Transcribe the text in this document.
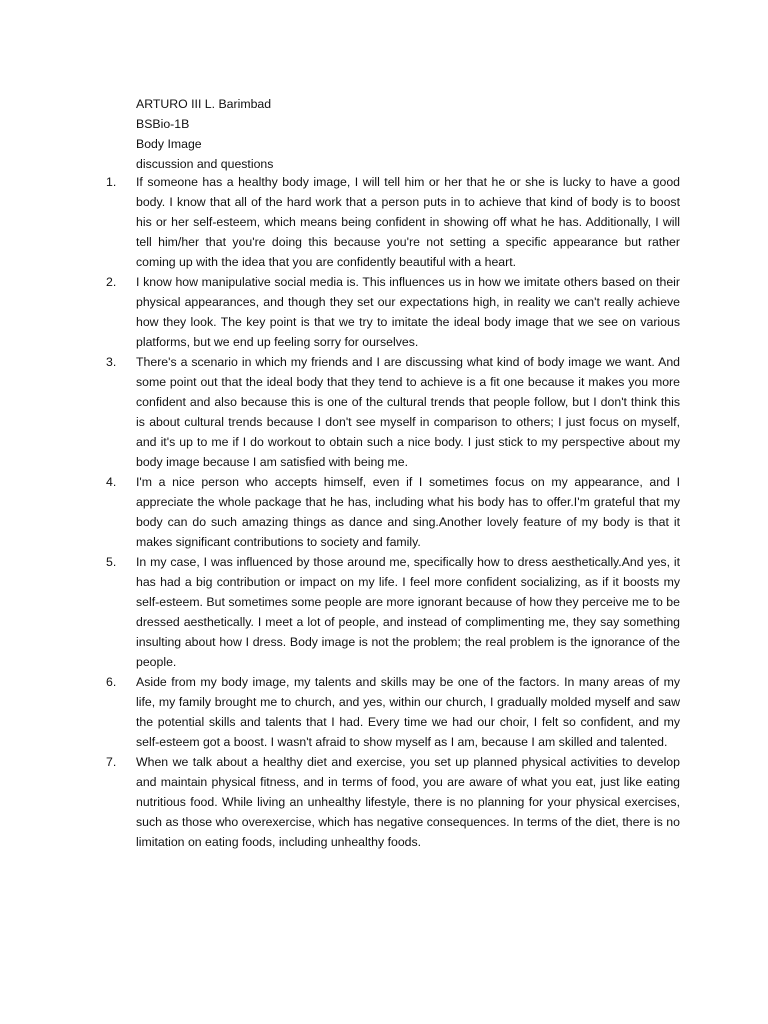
ARTURO III L. Barimbad
BSBio-1B
Body Image
discussion and questions
1.	If someone has a healthy body image, I will tell him or her that he or she is lucky to have a good body. I know that all of the hard work that a person puts in to achieve that kind of body is to boost his or her self-esteem, which means being confident in showing off what he has. Additionally, I will tell him/her that you're doing this because you're not setting a specific appearance but rather coming up with the idea that you are confidently beautiful with a heart.

2.	I know how manipulative social media is. This influences us in how we imitate others based on their physical appearances, and though they set our expectations high, in reality we can't really achieve how they look. The key point is that we try to imitate the ideal body image that we see on various platforms, but we end up feeling sorry for ourselves.

3.	There's a scenario in which my friends and I are discussing what kind of body image we want. And some point out that the ideal body that they tend to achieve is a fit one because it makes you more confident and also because this is one of the cultural trends that people follow, but I don't think this is about cultural trends because I don't see myself in comparison to others; I just focus on myself, and it's up to me if I do workout to obtain such a nice body. I just stick to my perspective about my body image because I am satisfied with being me.

4.	I'm a nice person who accepts himself, even if I sometimes focus on my appearance, and I appreciate the whole package that he has, including what his body has to offer.I'm grateful that my body can do such amazing things as dance and sing.Another lovely feature of my body is that it makes significant contributions to society and family.

5.	In my case, I was influenced by those around me, specifically how to dress aesthetically.And yes, it has had a big contribution or impact on my life. I feel more confident socializing, as if it boosts my self-esteem. But sometimes some people are more ignorant because of how they perceive me to be dressed aesthetically. I meet a lot of people, and instead of complimenting me, they say something insulting about how I dress. Body image is not the problem; the real problem is the ignorance of the people.

6.	Aside from my body image, my talents and skills may be one of the factors. In many areas of my life, my family brought me to church, and yes, within our church, I gradually molded myself and saw the potential skills and talents that I had. Every time we had our choir, I felt so confident, and my self-esteem got a boost. I wasn't afraid to show myself as I am, because I am skilled and talented.

7.	When we talk about a healthy diet and exercise, you set up planned physical activities to develop and maintain physical fitness, and in terms of food, you are aware of what you eat, just like eating nutritious food. While living an unhealthy lifestyle, there is no planning for your physical exercises, such as those who overexercise, which has negative consequences. In terms of the diet, there is no limitation on eating foods, including unhealthy foods.
